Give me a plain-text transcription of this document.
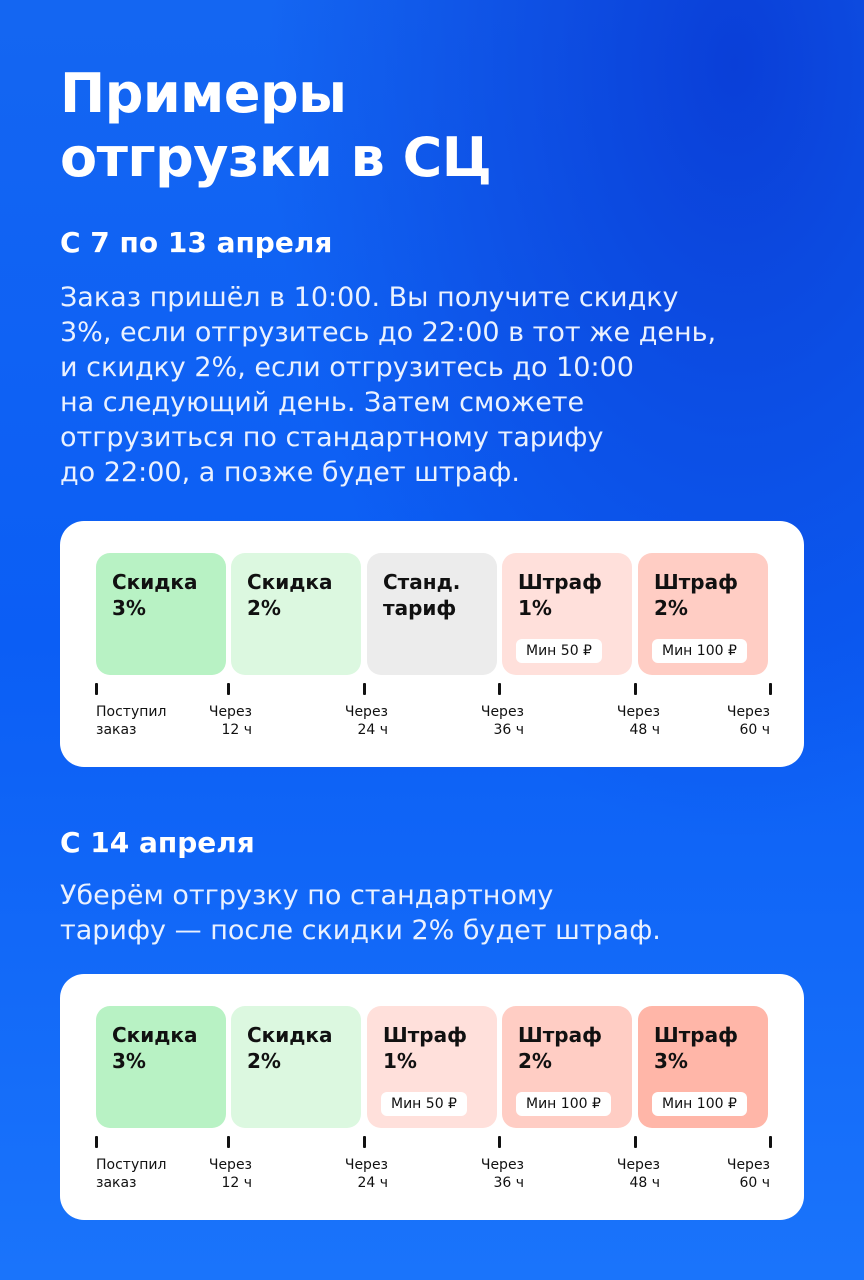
Примеры
отгрузки в СЦ
С 7 по 13 апреля
Заказ пришёл в 10:00. Вы получите скидку
3%, если отгрузитесь до 22:00 в тот же день,
и скидку 2%, если отгрузитесь до 10:00
на следующий день. Затем сможете
отгрузиться по стандартному тарифу
до 22:00, а позже будет штраф.
Скидка
3%
Скидка
2%
Станд.
тариф
Штраф
1%
Мин 50 ₽
Штраф
2%
Мин 100 ₽
Поступил
заказ
Через
12 ч
Через
24 ч
Через
36 ч
Через
48 ч
Через
60 ч
С 14 апреля
Уберём отгрузку по стандартному
тарифу — после скидки 2% будет штраф.
Скидка
3%
Скидка
2%
Штраф
1%
Мин 50 ₽
Штраф
2%
Мин 100 ₽
Штраф
3%
Мин 100 ₽
Поступил
заказ
Через
12 ч
Через
24 ч
Через
36 ч
Через
48 ч
Через
60 ч
